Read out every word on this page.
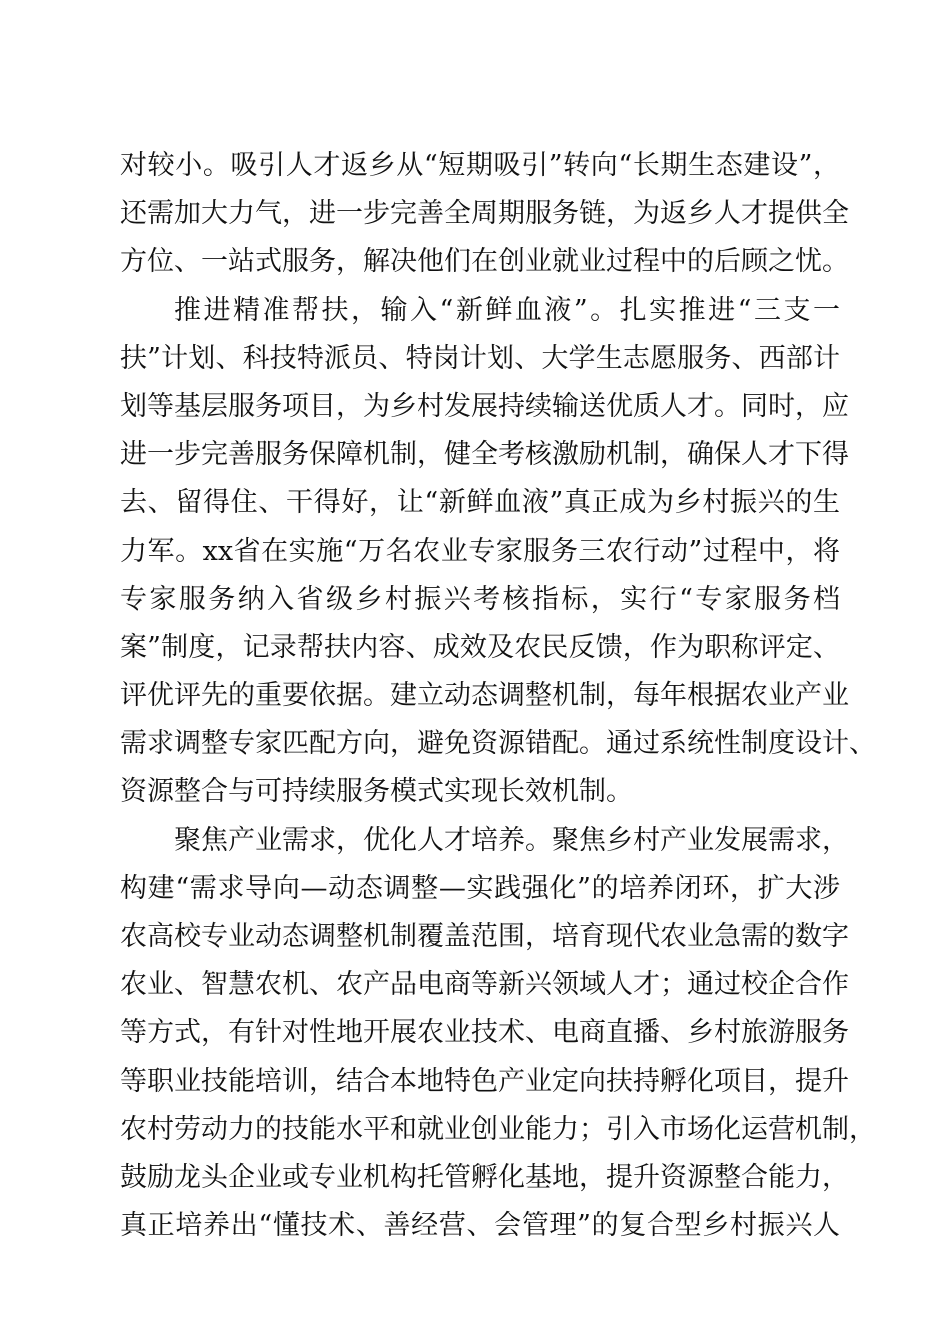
对较小。吸引人才返乡从“短期吸引”转向“长期生态建设”，
还需加大力气，进一步完善全周期服务链，为返乡人才提供全
方位、一站式服务，解决他们在创业就业过程中的后顾之忧。
推进精准帮扶，输入“新鲜血液”。扎实推进“三支一
扶”计划、科技特派员、特岗计划、大学生志愿服务、西部计
划等基层服务项目，为乡村发展持续输送优质人才。同时，应
进一步完善服务保障机制，健全考核激励机制，确保人才下得
去、留得住、干得好，让“新鲜血液”真正成为乡村振兴的生
力军。xx省在实施“万名农业专家服务三农行动”过程中，将
专家服务纳入省级乡村振兴考核指标，实行“专家服务档
案”制度，记录帮扶内容、成效及农民反馈，作为职称评定、
评优评先的重要依据。建立动态调整机制，每年根据农业产业
需求调整专家匹配方向，避免资源错配。通过系统性制度设计、
资源整合与可持续服务模式实现长效机制。
聚焦产业需求，优化人才培养。聚焦乡村产业发展需求，
构建“需求导向—动态调整—实践强化”的培养闭环，扩大涉
农高校专业动态调整机制覆盖范围，培育现代农业急需的数字
农业、智慧农机、农产品电商等新兴领域人才；通过校企合作
等方式，有针对性地开展农业技术、电商直播、乡村旅游服务
等职业技能培训，结合本地特色产业定向扶持孵化项目，提升
农村劳动力的技能水平和就业创业能力；引入市场化运营机制，
鼓励龙头企业或专业机构托管孵化基地，提升资源整合能力，
真正培养出“懂技术、善经营、会管理”的复合型乡村振兴人
